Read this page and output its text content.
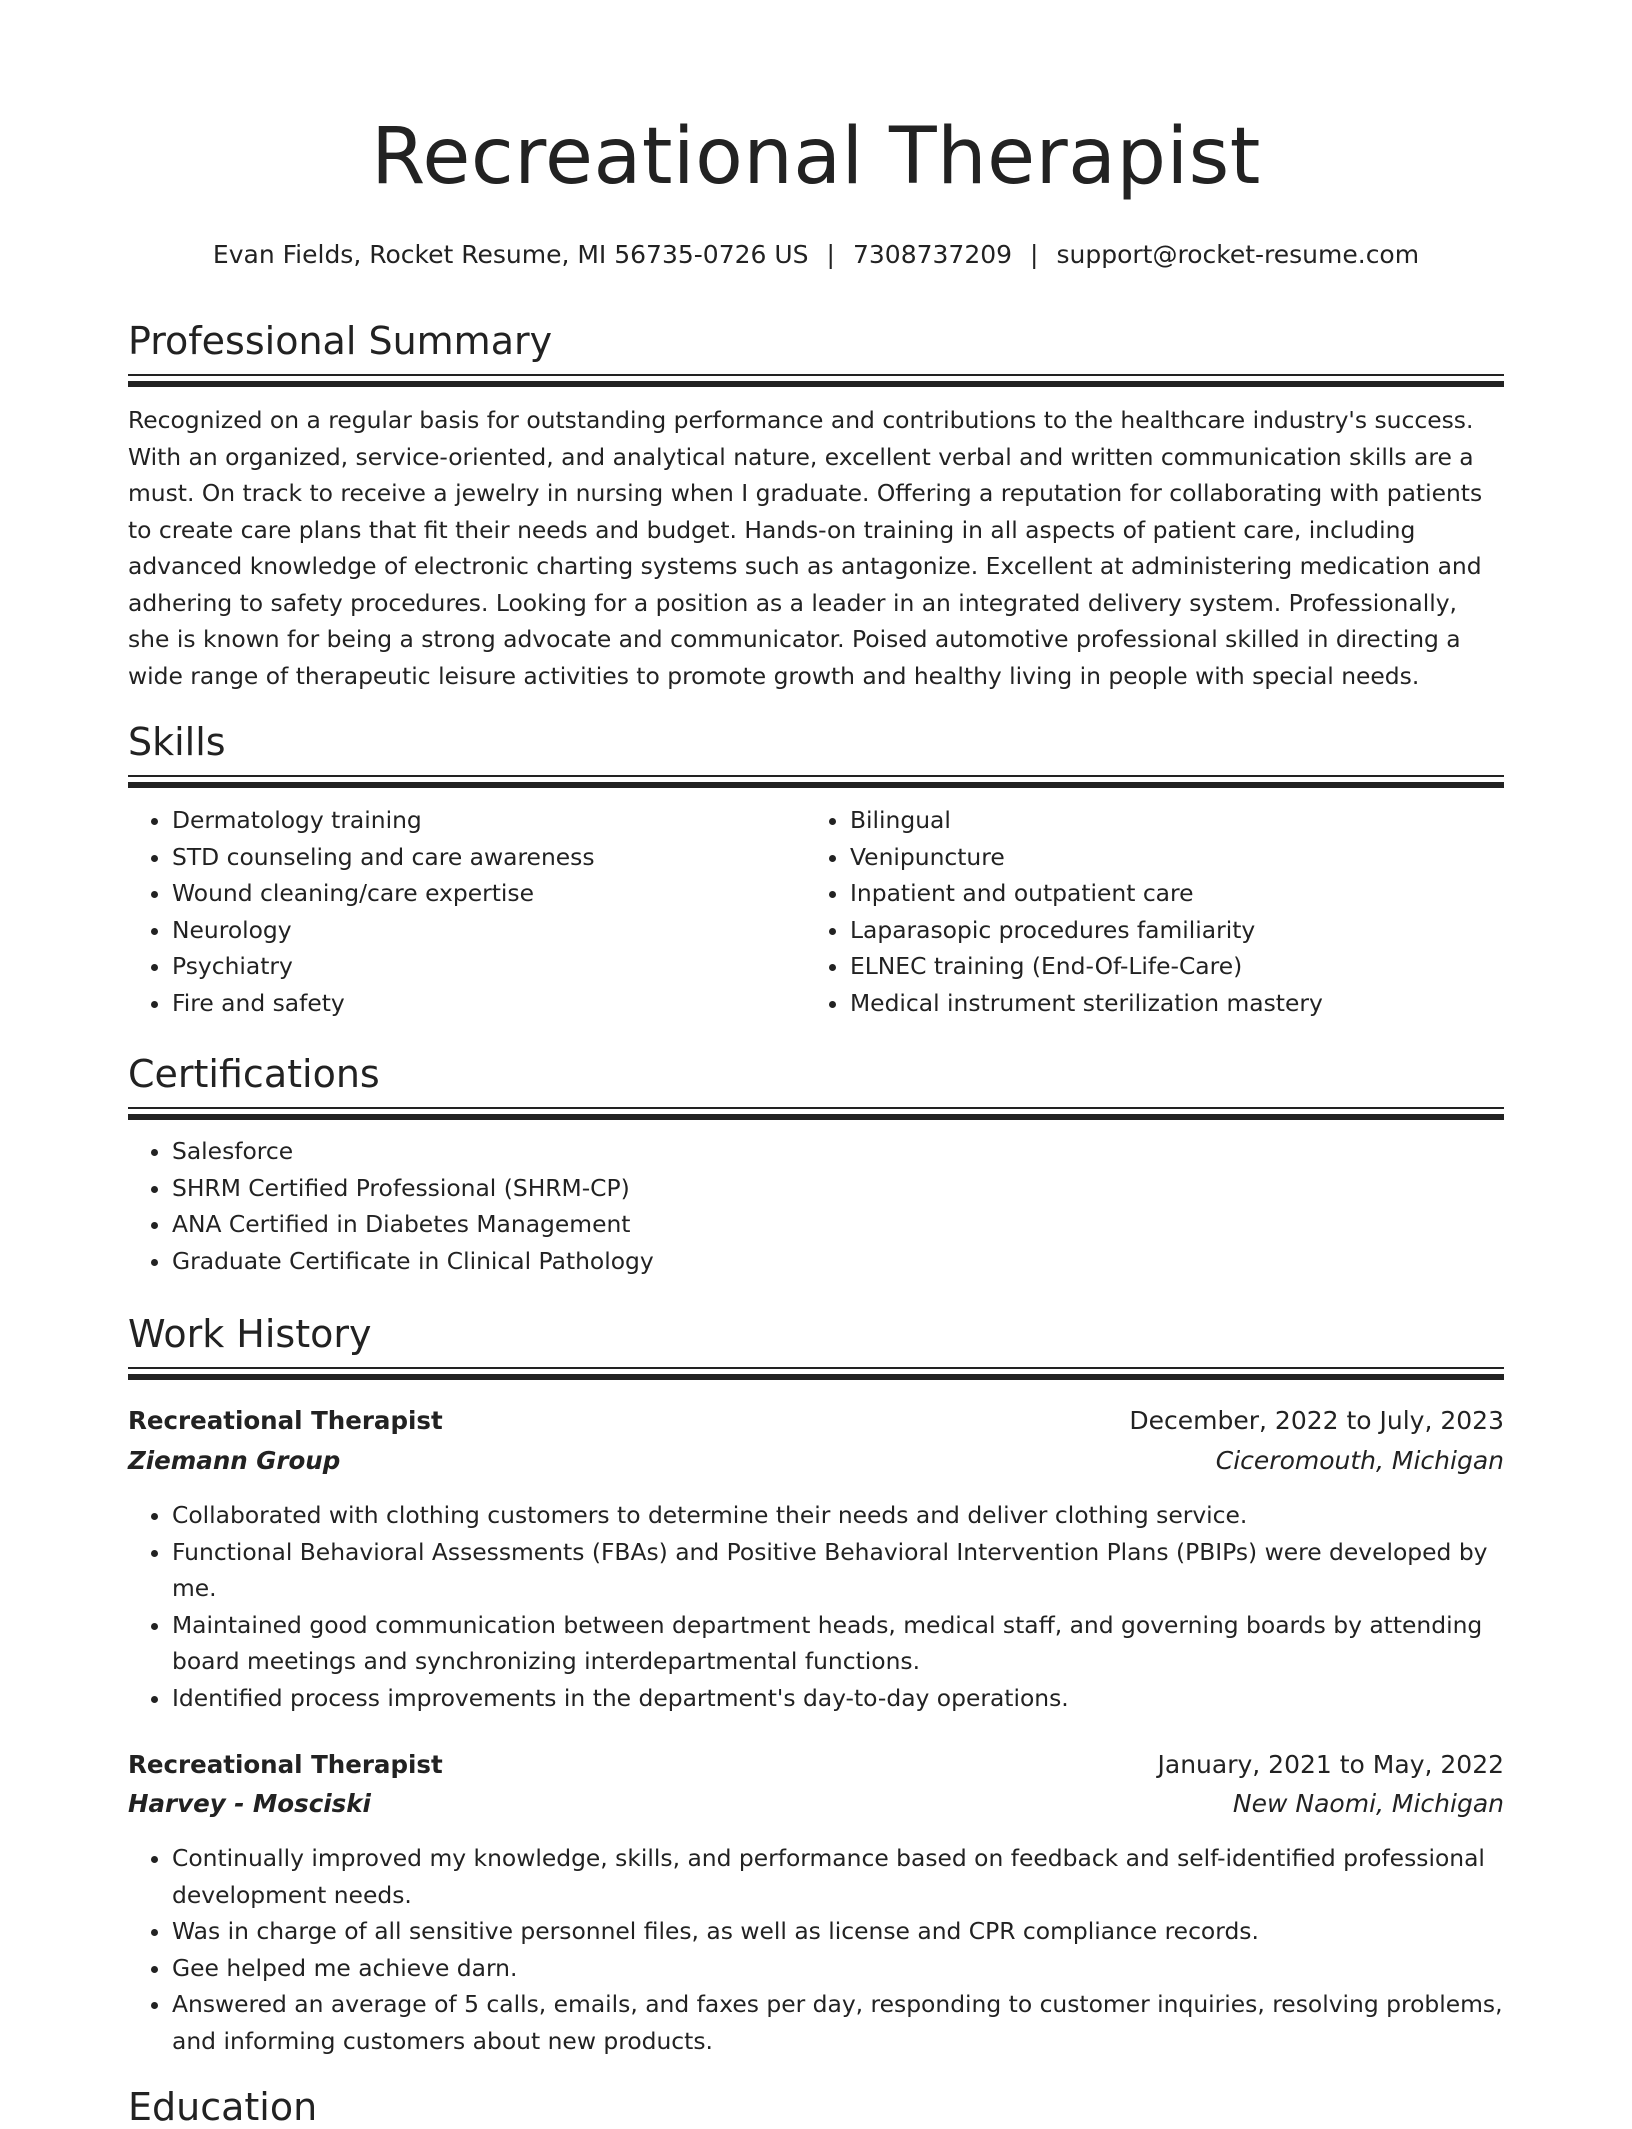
Recreational Therapist
Evan Fields, Rocket Resume, MI 56735-0726 US | 7308737209 | support@rocket-resume.com
Professional Summary

Recognized on a regular basis for outstanding performance and contributions to the healthcare industry's success. With an organized, service-oriented, and analytical nature, excellent verbal and written communication skills are a must. On track to receive a jewelry in nursing when I graduate. Offering a reputation for collaborating with patients to create care plans that fit their needs and budget. Hands-on training in all aspects of patient care, including advanced knowledge of electronic charting systems such as antagonize. Excellent at administering medication and adhering to safety procedures. Looking for a position as a leader in an integrated delivery system. Professionally, she is known for being a strong advocate and communicator. Poised automotive professional skilled in directing a wide range of therapeutic leisure activities to promote growth and healthy living in people with special needs.

Skills
• Dermatology training
• STD counseling and care awareness
• Wound cleaning/care expertise
• Neurology
• Psychiatry
• Fire and safety
• Bilingual
• Venipuncture
• Inpatient and outpatient care
• Laparasopic procedures familiarity
• ELNEC training (End-Of-Life-Care)
• Medical instrument sterilization mastery
Certifications
• Salesforce
• SHRM Certified Professional (SHRM-CP)
• ANA Certified in Diabetes Management
• Graduate Certificate in Clinical Pathology
Work History
Recreational Therapist	December, 2022 to July, 2023
Ziemann Group	Ciceromouth, Michigan
• Collaborated with clothing customers to determine their needs and deliver clothing service.
• Functional Behavioral Assessments (FBAs) and Positive Behavioral Intervention Plans (PBIPs) were developed by me.
• Maintained good communication between department heads, medical staff, and governing boards by attending board meetings and synchronizing interdepartmental functions.
• Identified process improvements in the department's day-to-day operations.
Recreational Therapist	January, 2021 to May, 2022
Harvey - Mosciski	New Naomi, Michigan
• Continually improved my knowledge, skills, and performance based on feedback and self-identified professional development needs.
• Was in charge of all sensitive personnel files, as well as license and CPR compliance records.
• Gee helped me achieve darn.
• Answered an average of 5 calls, emails, and faxes per day, responding to customer inquiries, resolving problems, and informing customers about new products.
Education
